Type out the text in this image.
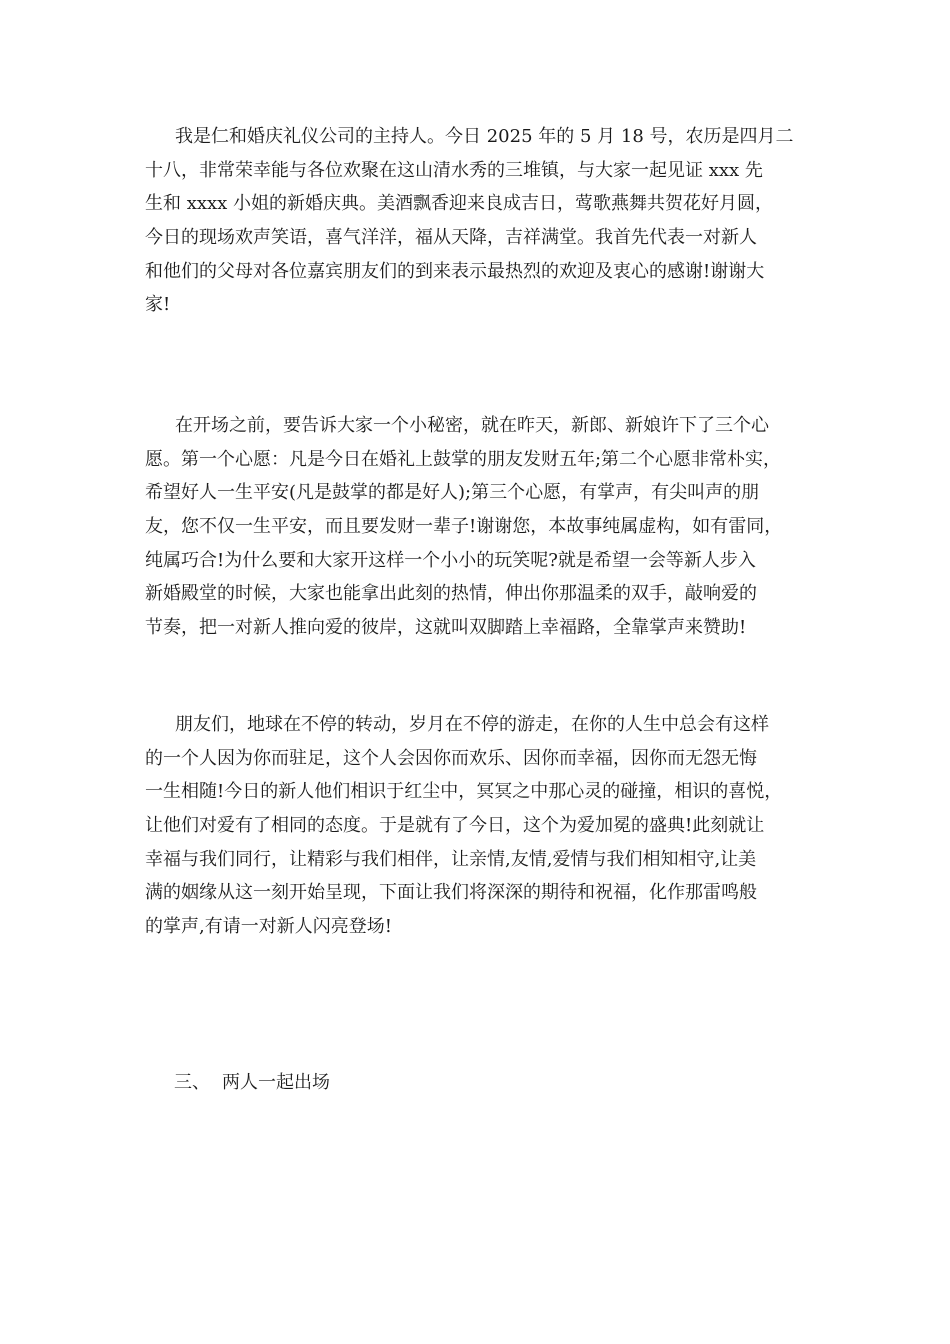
我是仁和婚庆礼仪公司的主持人。今日 2025 年的 5 月 18 号，农历是四月二
十八，非常荣幸能与各位欢聚在这山清水秀的三堆镇，与大家一起见证 xxx 先
生和 xxxx 小姐的新婚庆典。美酒飘香迎来良成吉日，莺歌燕舞共贺花好月圆，
今日的现场欢声笑语，喜气洋洋，福从天降，吉祥满堂。我首先代表一对新人
和他们的父母对各位嘉宾朋友们的到来表示最热烈的欢迎及衷心的感谢!谢谢大
家!
在开场之前，要告诉大家一个小秘密，就在昨天，新郎、新娘许下了三个心
愿。第一个心愿：凡是今日在婚礼上鼓掌的朋友发财五年;第二个心愿非常朴实，
希望好人一生平安(凡是鼓掌的都是好人);第三个心愿，有掌声，有尖叫声的朋
友，您不仅一生平安，而且要发财一辈子!谢谢您，本故事纯属虚构，如有雷同，
纯属巧合!为什么要和大家开这样一个小小的玩笑呢?就是希望一会等新人步入
新婚殿堂的时候，大家也能拿出此刻的热情，伸出你那温柔的双手，敲响爱的
节奏，把一对新人推向爱的彼岸，这就叫双脚踏上幸福路，全靠掌声来赞助!
朋友们，地球在不停的转动，岁月在不停的游走，在你的人生中总会有这样
的一个人因为你而驻足，这个人会因你而欢乐、因你而幸福，因你而无怨无悔
一生相随!今日的新人他们相识于红尘中，冥冥之中那心灵的碰撞，相识的喜悦，
让他们对爱有了相同的态度。于是就有了今日，这个为爱加冕的盛典!此刻就让
幸福与我们同行，让精彩与我们相伴，让亲情,友情,爱情与我们相知相守,让美
满的姻缘从这一刻开始呈现，下面让我们将深深的期待和祝福，化作那雷鸣般
的掌声,有请一对新人闪亮登场!
三、 两人一起出场
